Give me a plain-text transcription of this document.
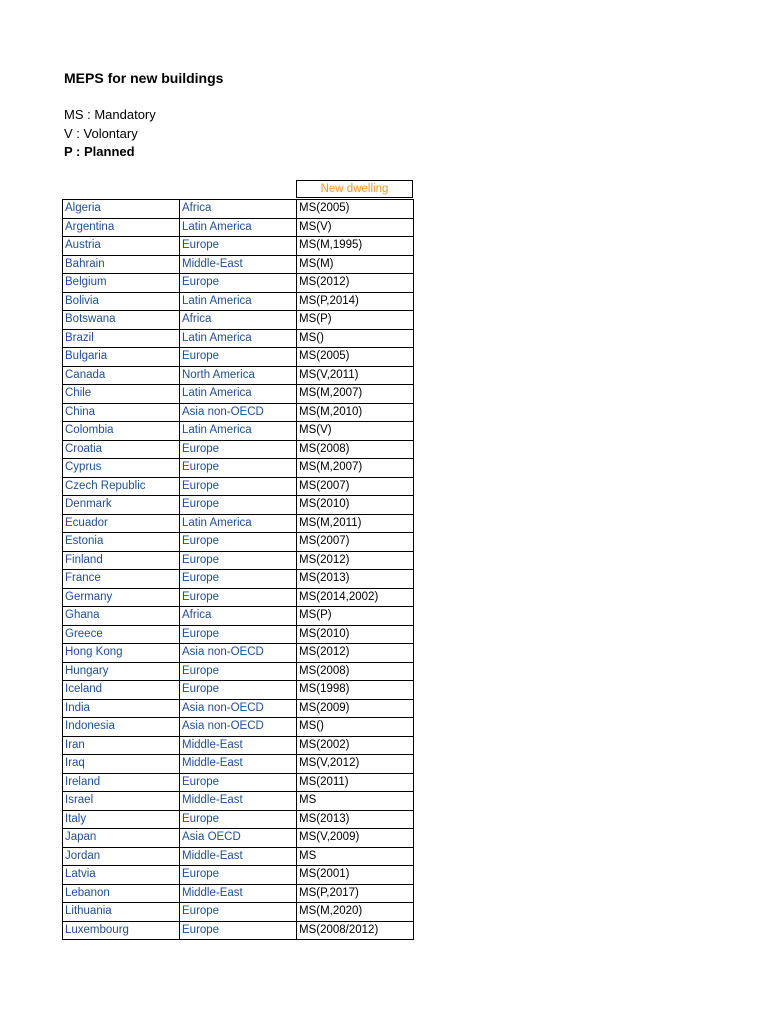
MEPS for new buildings
MS : Mandatory
V : Volontary
P : Planned
New dwelling
Algeria	Africa	MS(2005)
Argentina	Latin America	MS(V)
Austria	Europe	MS(M,1995)
Bahrain	Middle-East	MS(M)
Belgium	Europe	MS(2012)
Bolivia	Latin America	MS(P,2014)
Botswana	Africa	MS(P)
Brazil	Latin America	MS()
Bulgaria	Europe	MS(2005)
Canada	North America	MS(V,2011)
Chile	Latin America	MS(M,2007)
China	Asia non-OECD	MS(M,2010)
Colombia	Latin America	MS(V)
Croatia	Europe	MS(2008)
Cyprus	Europe	MS(M,2007)
Czech Republic	Europe	MS(2007)
Denmark	Europe	MS(2010)
Ecuador	Latin America	MS(M,2011)
Estonia	Europe	MS(2007)
Finland	Europe	MS(2012)
France	Europe	MS(2013)
Germany	Europe	MS(2014,2002)
Ghana	Africa	MS(P)
Greece	Europe	MS(2010)
Hong Kong	Asia non-OECD	MS(2012)
Hungary	Europe	MS(2008)
Iceland	Europe	MS(1998)
India	Asia non-OECD	MS(2009)
Indonesia	Asia non-OECD	MS()
Iran	Middle-East	MS(2002)
Iraq	Middle-East	MS(V,2012)
Ireland	Europe	MS(2011)
Israel	Middle-East	MS
Italy	Europe	MS(2013)
Japan	Asia OECD	MS(V,2009)
Jordan	Middle-East	MS
Latvia	Europe	MS(2001)
Lebanon	Middle-East	MS(P,2017)
Lithuania	Europe	MS(M,2020)
Luxembourg	Europe	MS(2008/2012)
